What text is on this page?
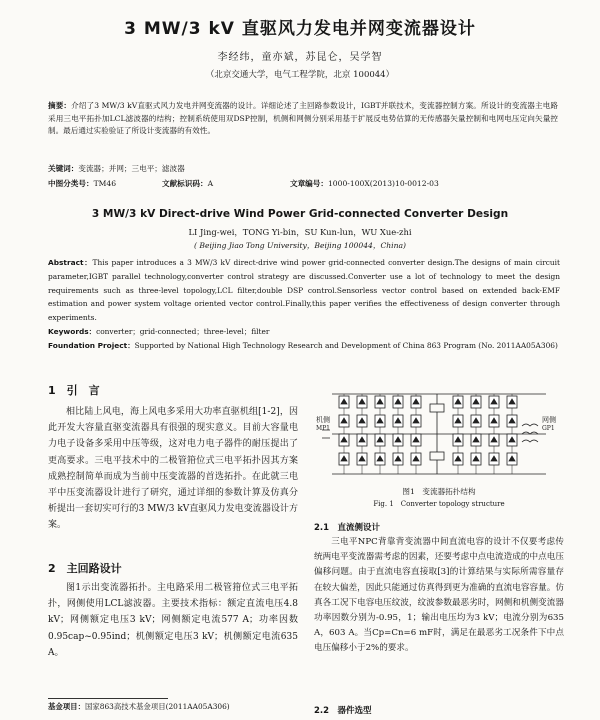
3 MW/3 kV 直驱风力发电并网变流器设计
李经纬，童亦斌，苏昆仑，吴学智
（北京交通大学，电气工程学院，北京 100044）
摘要：介绍了3 MW/3 kV直驱式风力发电并网变流器的设计。详细论述了主回路参数设计，IGBT并联技术，变流器控制方案。所设计的变流器主电路采用三电平拓扑加LCL滤波器的结构；控制系统使用双DSP控制，机侧和网侧分别采用基于扩展反电势估算的无传感器矢量控制和电网电压定向矢量控制。最后通过实验验证了所设计变流器的有效性。
关键词：变流器；并网；三电平；滤波器
中图分类号：TM46	文献标识码：A	文章编号：1000-100X(2013)10-0012-03
3 MW/3 kV Direct-drive Wind Power Grid-connected Converter Design
LI Jing-wei，TONG Yi-bin，SU Kun-lun，WU Xue-zhi
( Beijing Jiao Tong University，Beijing 100044，China)
Abstract：This paper introduces a 3 MW/3 kV direct-drive wind power grid-connected converter design.The designs of main circuit parameter,IGBT parallel technology,converter control strategy are discussed.Converter use a lot of technology to meet the design requirements such as three-level topology,LCL filter,double DSP control.Sensorless vector control based on extended back-EMF estimation and power system voltage oriented vector control.Finally,this paper verifies the effectiveness of design converter through experiments.
Keywords：converter；grid-connected；three-level；filter
Foundation Project：Supported by National High Technology Research and Development of China 863 Program (No. 2011AA05A306)
1　引　言

相比陆上风电，海上风电多采用大功率直驱机组[1-2]，因此开发大容量直驱变流器具有很强的现实意义。目前大容量电力电子设备多采用中压等级，这对电力电子器件的耐压提出了更高要求。三电平技术中的二极管箝位式三电平拓扑因其方案成熟控制简单而成为当前中压变流器的首选拓扑。在此就三电平中压变流器设计进行了研究，通过详细的参数计算及仿真分析提出一套切实可行的3 MW/3 kV直驱风力发电变流器设计方案。

2　主回路设计

图1示出变流器拓扑。主电路采用二极管箝位式三电平拓扑，网侧使用LCL滤波器。主要技术指标：额定直流电压4.8 kV；网侧额定电压3 kV；网侧额定电流577 A；功率因数0.95cap~0.95ind；机侧额定电压3 kV；机侧额定电流635 A。

基金项目：国家863高技术基金项目(2011AA05A306)
机侧
MP1
网侧
GP1
图1　变流器拓扑结构
Fig. 1　Converter topology structure
2.1　直流侧设计

三电平NPC背靠背变流器中间直流电容的设计不仅要考虑传统两电平变流器需考虑的因素，还要考虑中点电流造成的中点电压偏移问题。由于直流电容直接取[3]的计算结果与实际所需容量存在较大偏差，因此只能通过仿真得到更为准确的直流电容容量。仿真各工况下电容电压纹波，纹波参数最恶劣时，网侧和机侧变流器功率因数分别为-0.95，1；输出电压均为3 kV；电流分别为635 A，603 A。当Cp=Cn=6 mF时，满足在最恶劣工况条件下中点电压偏移小于2%的要求。

2.2　器件选型
